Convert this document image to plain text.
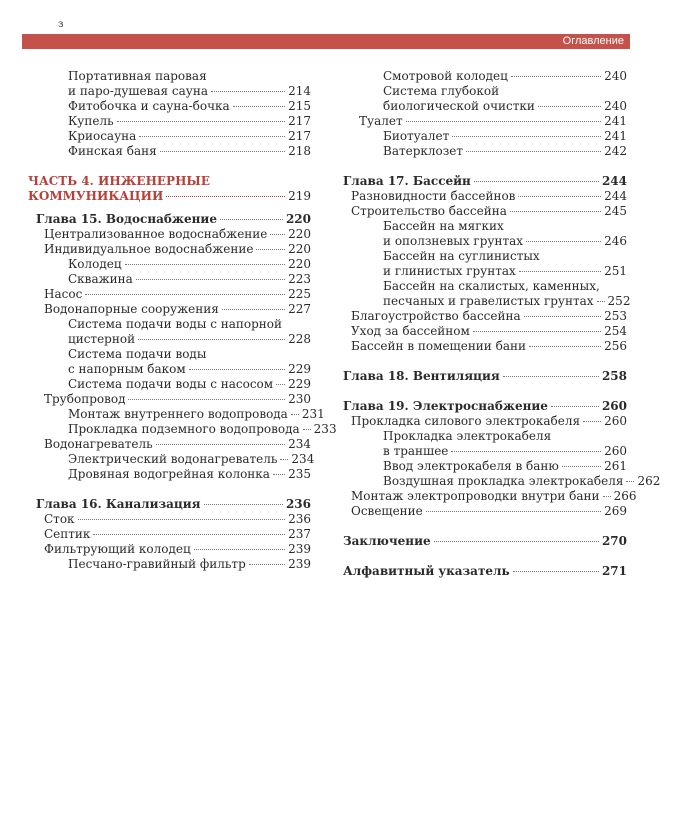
з
Оглавление
Портативная паровая
и паро-душевая сауна	214
Фитобочка и сауна-бочка	215
Купель	217
Криосауна	217
Финская баня	218
ЧАСТЬ 4. ИНЖЕНЕРНЫЕ
КОММУНИКАЦИИ	219
Глава 15. Водоснабжение	220
Централизованное водоснабжение 220
Индивидуальное водоснабжение	220
Колодец	220
Скважина	223
Насос	225
Водонапорные сооружения	227
Система подачи воды с напорной
цистерной	228
Система подачи воды
с напорным баком	229
Система подачи воды с насосом 229
Трубопровод	230
Монтаж внутреннего водопровода 231
Прокладка подземного водопровода 233
Водонагреватель	234
Электрический водонагреватель 234
Дровяная водогрейная колонка 235
Глава 16. Канализация	236
Сток	236
Септик	237
Фильтрующий колодец	239
Песчано-гравийный фильтр	239
Смотровой колодец	240
Система глубокой
биологической очистки	240
Туалет	241
Биотуалет	241
Ватерклозет	242
Глава 17. Бассейн	244
Разновидности бассейнов	244
Строительство бассейна	245
Бассейн на мягких
и оползневых грунтах	246
Бассейн на суглинистых
и глинистых грунтах	251
Бассейн на скалистых, каменных,
песчаных и гравелистых грунтах 252
Благоустройство бассейна	253
Уход за бассейном	254
Бассейн в помещении бани	256
Глава 18. Вентиляция	258
Глава 19. Электроснабжение	260
Прокладка силового электрокабеля 260
Прокладка электрокабеля
в траншее	260
Ввод электрокабеля в баню	261
Воздушная прокладка электрокабеля 262
Монтаж электропроводки внутри бани 266
Освещение	269
Заключение	270
Алфавитный указатель	271
